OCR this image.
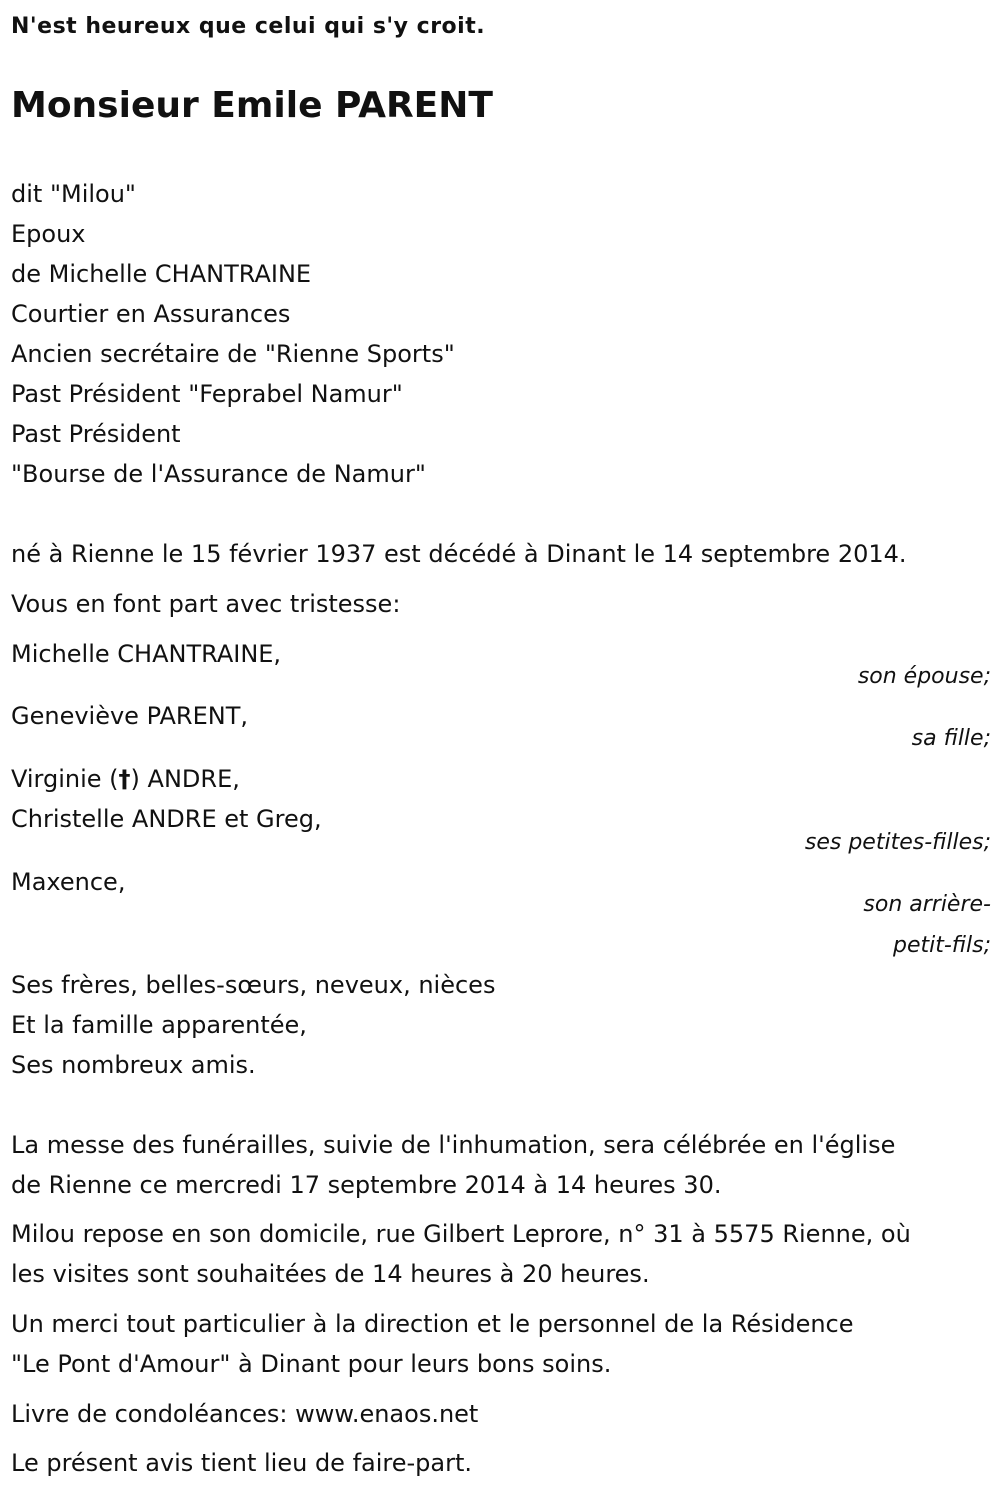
N'est heureux que celui qui s'y croit.
Monsieur Emile PARENT
dit "Milou"
Epoux
de Michelle CHANTRAINE
Courtier en Assurances
Ancien secrétaire de "Rienne Sports"
Past Président "Feprabel Namur"
Past Président
"Bourse de l'Assurance de Namur"
né à Rienne le 15 février 1937 est décédé à Dinant le 14 septembre 2014.
Vous en font part avec tristesse:
Michelle CHANTRAINE,
son épouse;
Geneviève PARENT,
sa fille;
Virginie (†) ANDRE,
Christelle ANDRE et Greg,
ses petites-filles;
Maxence,
son arrière-
petit-fils;
Ses frères, belles-sœurs, neveux, nièces
Et la famille apparentée,
Ses nombreux amis.
La messe des funérailles, suivie de l'inhumation, sera célébrée en l'église
de Rienne ce mercredi 17 septembre 2014 à 14 heures 30.
Milou repose en son domicile, rue Gilbert Leprore, n° 31 à 5575 Rienne, où
les visites sont souhaitées de 14 heures à 20 heures.
Un merci tout particulier à la direction et le personnel de la Résidence
"Le Pont d'Amour" à Dinant pour leurs bons soins.
Livre de condoléances: www.enaos.net
Le présent avis tient lieu de faire-part.
